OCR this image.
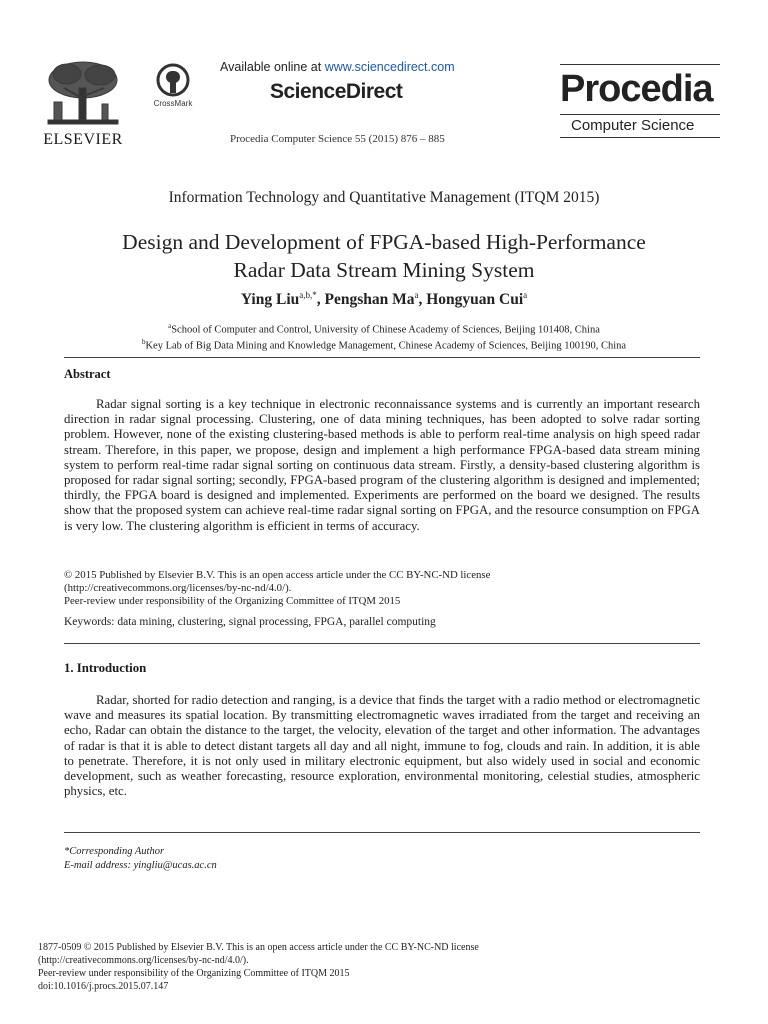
ELSEVIER
CrossMark
Available online at www.sciencedirect.com
ScienceDirect
Procedia Computer Science 55 (2015) 876 – 885
Procedia
Computer Science
Information Technology and Quantitative Management (ITQM 2015)
Design and Development of FPGA-based High-Performance
Radar Data Stream Mining System
Ying Liu$^{a,b,*}$, Pengshan Ma$^a$, Hongyuan Cui$^a$
$^a$School of Computer and Control, University of Chinese Academy of Sciences, Beijing 101408, China
$^b$Key Lab of Big Data Mining and Knowledge Management, Chinese Academy of Sciences, Beijing 100190, China
Abstract

Radar signal sorting is a key technique in electronic reconnaissance systems and is currently an important research direction in radar signal processing. Clustering, one of data mining techniques, has been adopted to solve radar sorting problem. However, none of the existing clustering-based methods is able to perform real-time analysis on high speed radar stream. Therefore, in this paper, we propose, design and implement a high performance FPGA-based data stream mining system to perform real-time radar signal sorting on continuous data stream. Firstly, a density-based clustering algorithm is proposed for radar signal sorting; secondly, FPGA-based program of the clustering algorithm is designed and implemented; thirdly, the FPGA board is designed and implemented. Experiments are performed on the board we designed. The results show that the proposed system can achieve real-time radar signal sorting on FPGA, and the resource consumption on FPGA is very low. The clustering algorithm is efficient in terms of accuracy.

© 2015 Published by Elsevier B.V. This is an open access article under the CC BY-NC-ND license
(http://creativecommons.org/licenses/by-nc-nd/4.0/).
Peer-review under responsibility of the Organizing Committee of ITQM 2015
Keywords: data mining, clustering, signal processing, FPGA, parallel computing
1. Introduction

Radar, shorted for radio detection and ranging, is a device that finds the target with a radio method or electromagnetic wave and measures its spatial location. By transmitting electromagnetic waves irradiated from the target and receiving an echo, Radar can obtain the distance to the target, the velocity, elevation of the target and other information. The advantages of radar is that it is able to detect distant targets all day and all night, immune to fog, clouds and rain. In addition, it is able to penetrate. Therefore, it is not only used in military electronic equipment, but also widely used in social and economic development, such as weather forecasting, resource exploration, environmental monitoring, celestial studies, atmospheric physics, etc.

*Corresponding Author
E-mail address: yingliu@ucas.ac.cn
1877-0509 © 2015 Published by Elsevier B.V. This is an open access article under the CC BY-NC-ND license
(http://creativecommons.org/licenses/by-nc-nd/4.0/).
Peer-review under responsibility of the Organizing Committee of ITQM 2015
doi:10.1016/j.procs.2015.07.147
